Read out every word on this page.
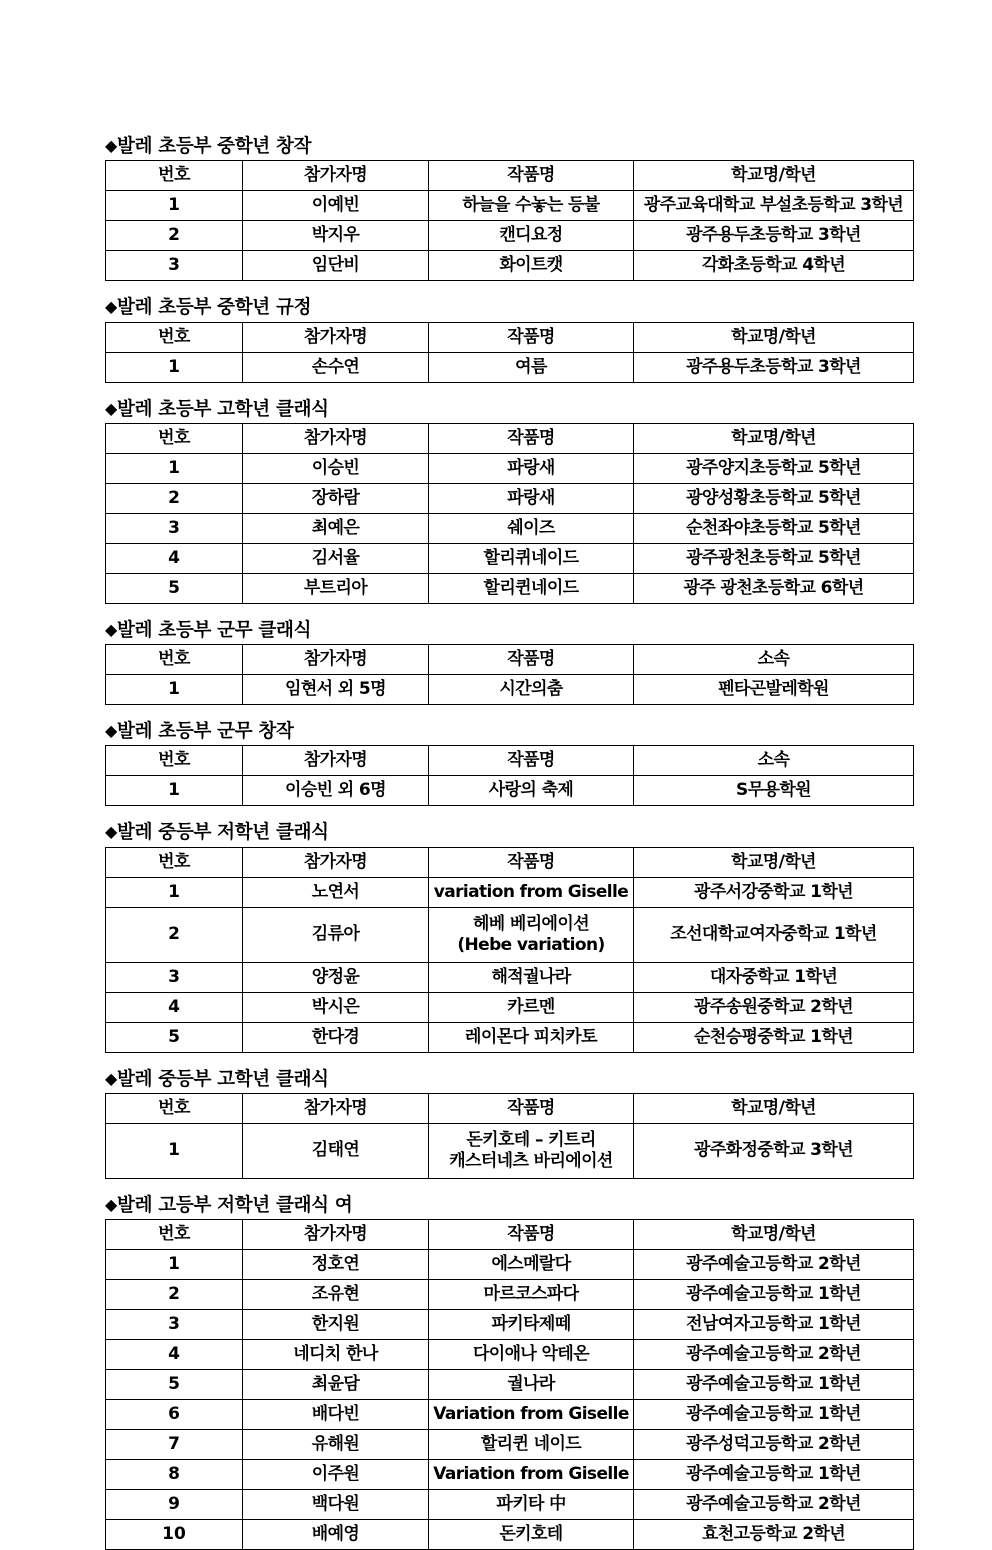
◆발레 초등부 중학년 창작
번호	참가자명	작품명	학교명/학년
1	이예빈	하늘을 수놓는 등불	광주교육대학교 부설초등학교 3학년
2	박지우	캔디요정	광주용두초등학교 3학년
3	임단비	화이트캣	각화초등학교 4학년
◆발레 초등부 중학년 규정
번호	참가자명	작품명	학교명/학년
1	손수연	여름	광주용두초등학교 3학년
◆발레 초등부 고학년 클래식
번호	참가자명	작품명	학교명/학년
1	이승빈	파랑새	광주양지초등학교 5학년
2	장하람	파랑새	광양성황초등학교 5학년
3	최예은	쉐이즈	순천좌야초등학교 5학년
4	김서율	할리퀴네이드	광주광천초등학교 5학년
5	부트리아	할리퀸네이드	광주 광천초등학교 6학년
◆발레 초등부 군무 클래식
번호	참가자명	작품명	소속
1	임현서 외 5명	시간의춤	펜타곤발레학원
◆발레 초등부 군무 창작
번호	참가자명	작품명	소속
1	이승빈 외 6명	사랑의 축제	S무용학원
◆발레 중등부 저학년 클래식
번호	참가자명	작품명	학교명/학년
1	노연서	variation from Giselle	광주서강중학교 1학년
2	김류아	헤베 베리에이션
(Hebe variation)	조선대학교여자중학교 1학년
3	양정윤	해적궐나라	대자중학교 1학년
4	박시은	카르멘	광주송원중학교 2학년
5	한다경	레이몬다 피치카토	순천승평중학교 1학년
◆발레 중등부 고학년 클래식
번호	참가자명	작품명	학교명/학년
1	김태연	돈키호테 – 키트리
캐스터네츠 바리에이션	광주화정중학교 3학년
◆발레 고등부 저학년 클래식 여
번호	참가자명	작품명	학교명/학년
1	정호연	에스메랄다	광주예술고등학교 2학년
2	조유현	마르코스파다	광주예술고등학교 1학년
3	한지원	파키타제떼	전남여자고등학교 1학년
4	네디치 한나	다이애나 악테온	광주예술고등학교 2학년
5	최윤담	궐나라	광주예술고등학교 1학년
6	배다빈	Variation from Giselle	광주예술고등학교 1학년
7	유해원	할리퀸 네이드	광주성덕고등학교 2학년
8	이주원	Variation from Giselle	광주예술고등학교 1학년
9	백다원	파키타 中	광주예술고등학교 2학년
10	배예영	돈키호테	효천고등학교 2학년
